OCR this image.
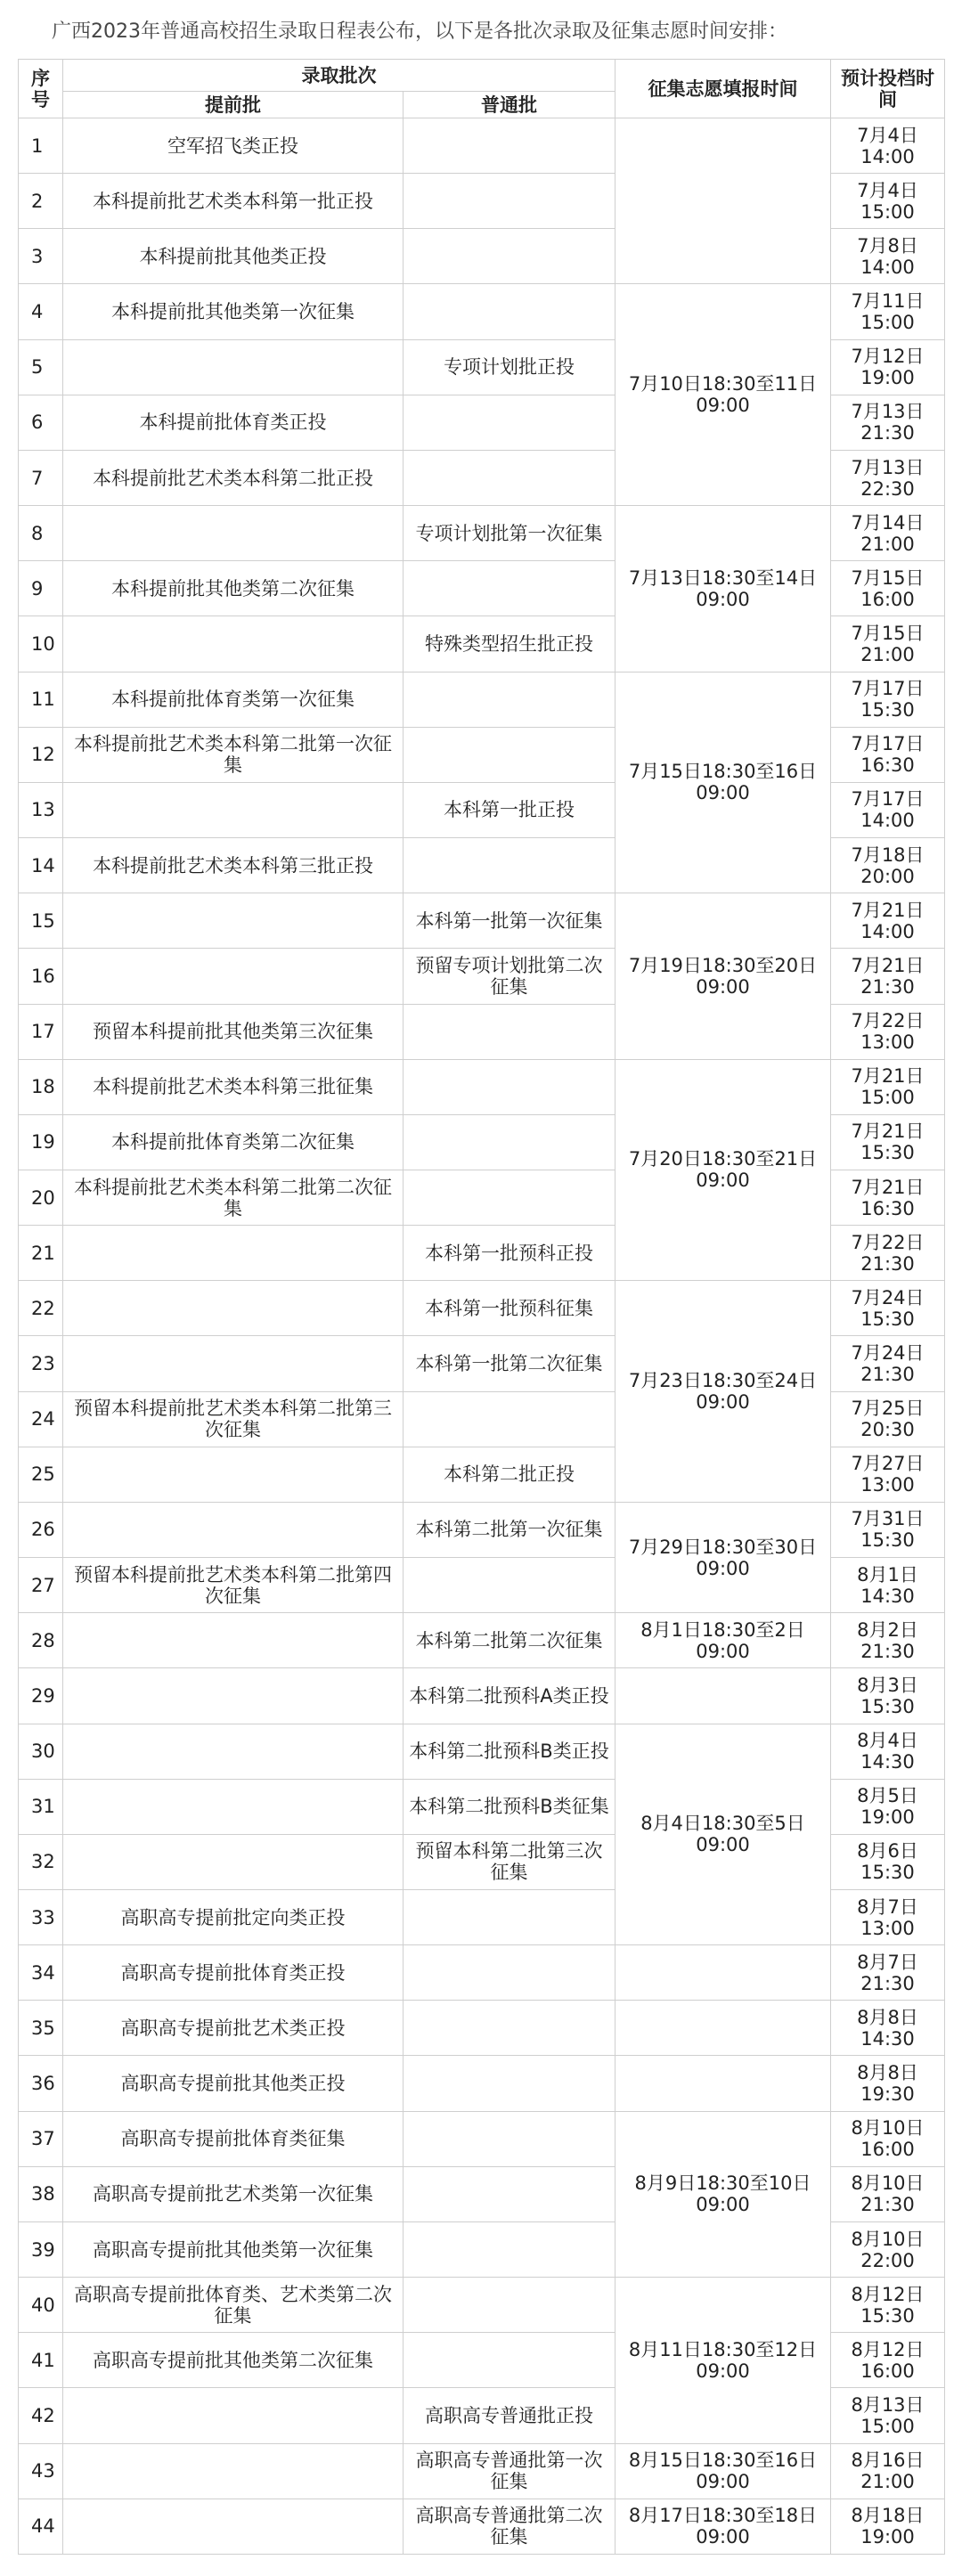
广西2023年普通高校招生录取日程表公布，以下是各批次录取及征集志愿时间安排：
序号	录取批次		征集志愿填报时间	预计投档时间
	提前批	普通批		
1	空军招飞类正投			7月4日14:00
2	本科提前批艺术类本科第一批正投			7月4日15:00
3	本科提前批其他类正投			7月8日14:00
4	本科提前批其他类第一次征集		7月10日18:30至11日09:00	7月11日15:00
5		专项计划批正投		7月12日19:00
6	本科提前批体育类正投			7月13日21:30
7	本科提前批艺术类本科第二批正投			7月13日22:30
8		专项计划批第一次征集	7月13日18:30至14日09:00	7月14日21:00
9	本科提前批其他类第二次征集			7月15日16:00
10		特殊类型招生批正投		7月15日21:00
11	本科提前批体育类第一次征集		7月15日18:30至16日09:00	7月17日15:30
12	本科提前批艺术类本科第二批第一次征集			7月17日16:30
13		本科第一批正投		7月17日14:00
14	本科提前批艺术类本科第三批正投			7月18日20:00
15		本科第一批第一次征集	7月19日18:30至20日09:00	7月21日14:00
16		预留专项计划批第二次征集		7月21日21:30
17	预留本科提前批其他类第三次征集			7月22日13:00
18	本科提前批艺术类本科第三批征集		7月20日18:30至21日09:00	7月21日15:00
19	本科提前批体育类第二次征集			7月21日15:30
20	本科提前批艺术类本科第二批第二次征集			7月21日16:30
21		本科第一批预科正投		7月22日21:30
22		本科第一批预科征集	7月23日18:30至24日09:00	7月24日15:30
23		本科第一批第二次征集		7月24日21:30
24	预留本科提前批艺术类本科第二批第三次征集			7月25日20:30
25		本科第二批正投		7月27日13:00
26		本科第二批第一次征集	7月29日18:30至30日09:00	7月31日15:30
27	预留本科提前批艺术类本科第二批第四次征集			8月1日14:30
28		本科第二批第二次征集	8月1日18:30至2日09:00	8月2日21:30
29		本科第二批预科A类正投		8月3日15:30
30		本科第二批预科B类正投	8月4日18:30至5日09:00	8月4日14:30
31		本科第二批预科B类征集		8月5日19:00
32		预留本科第二批第三次征集		8月6日15:30
33	高职高专提前批定向类正投			8月7日13:00
34	高职高专提前批体育类正投			8月7日21:30
35	高职高专提前批艺术类正投			8月8日14:30
36	高职高专提前批其他类正投			8月8日19:30
37	高职高专提前批体育类征集		8月9日18:30至10日09:00	8月10日16:00
38	高职高专提前批艺术类第一次征集			8月10日21:30
39	高职高专提前批其他类第一次征集			8月10日22:00
40	高职高专提前批体育类、艺术类第二次征集		8月11日18:30至12日09:00	8月12日15:30
41	高职高专提前批其他类第二次征集			8月12日16:00
42		高职高专普通批正投		8月13日15:00
43		高职高专普通批第一次征集	8月15日18:30至16日09:00	8月16日21:00
44		高职高专普通批第二次征集	8月17日18:30至18日09:00	8月18日19:00
